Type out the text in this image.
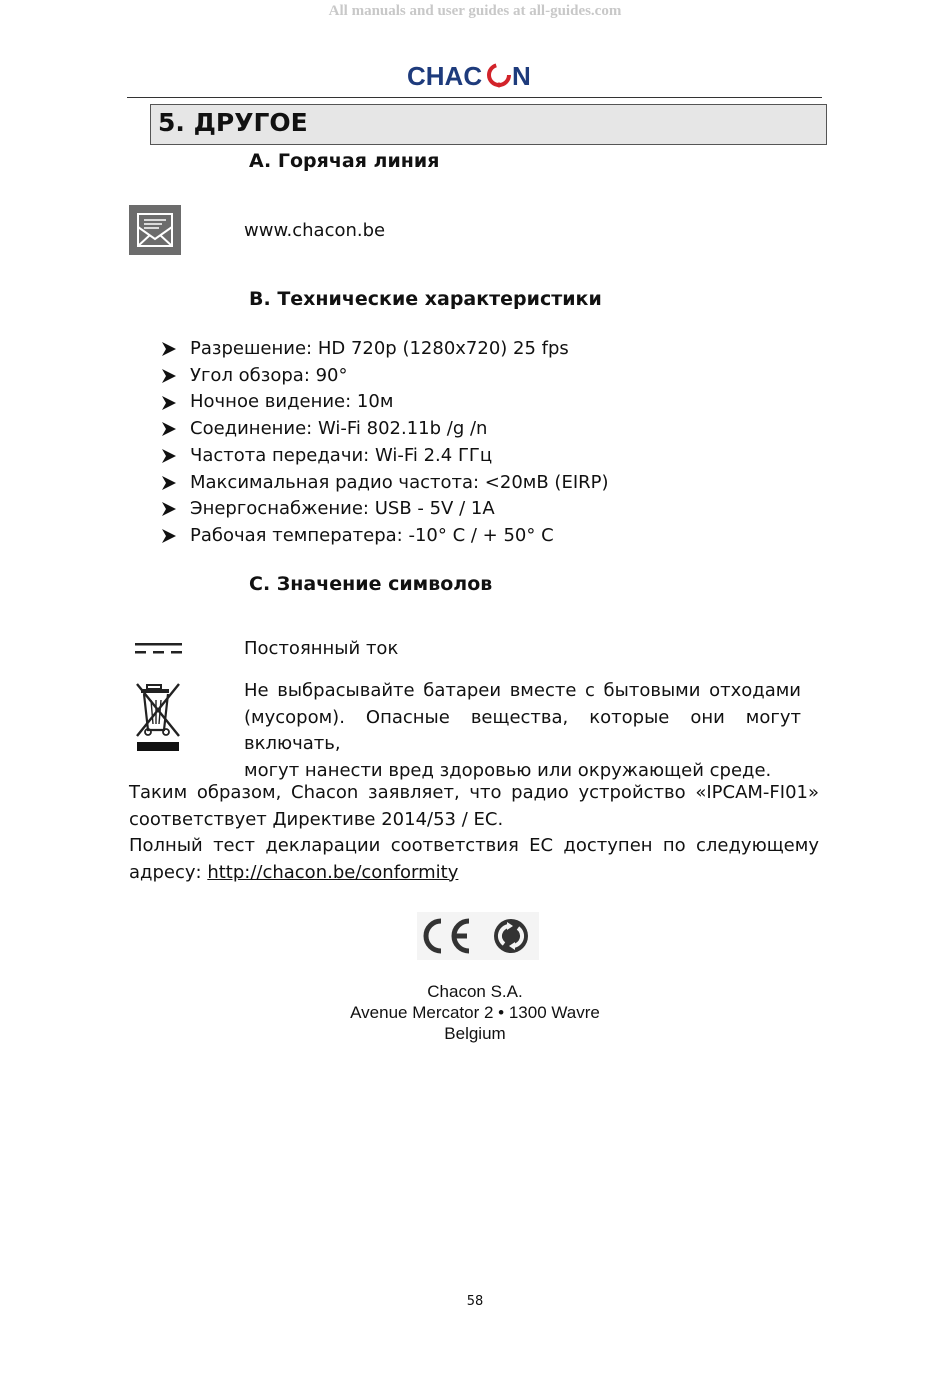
All manuals and user guides at all-guides.com
CHAC N
5. ДРУГОЕ
A. Горячая линия
www.chacon.be
B. Технические характеристики
Разрешение: HD 720p (1280x720) 25 fps
Угол обзора: 90°
Ночное видение: 10м
Соединение: Wi-Fi 802.11b /g /n
Частота передачи: Wi-Fi 2.4 ГГц
Максимальная радио частота: <20мВ (EIRP)
Энергоснабжение: USB - 5V / 1A
Рабочая температера: -10° C / + 50° C
C. Значение символов
Постоянный ток
Не выбрасывайте батареи вместе с бытовыми отходами
(мусором). Опасные вещества, которые они могут включать,
могут нанести вред здоровью или окружающей среде.
Таким образом, Chacon заявляет, что радио устройство «IPCAM-FI01»
соответствует Директиве 2014/53 / EC.
Полный тест декларации соответствия EC доступен по следующему
адресу: http://chacon.be/conformity
Chacon S.A.
Avenue Mercator 2 • 1300 Wavre
Belgium
58
